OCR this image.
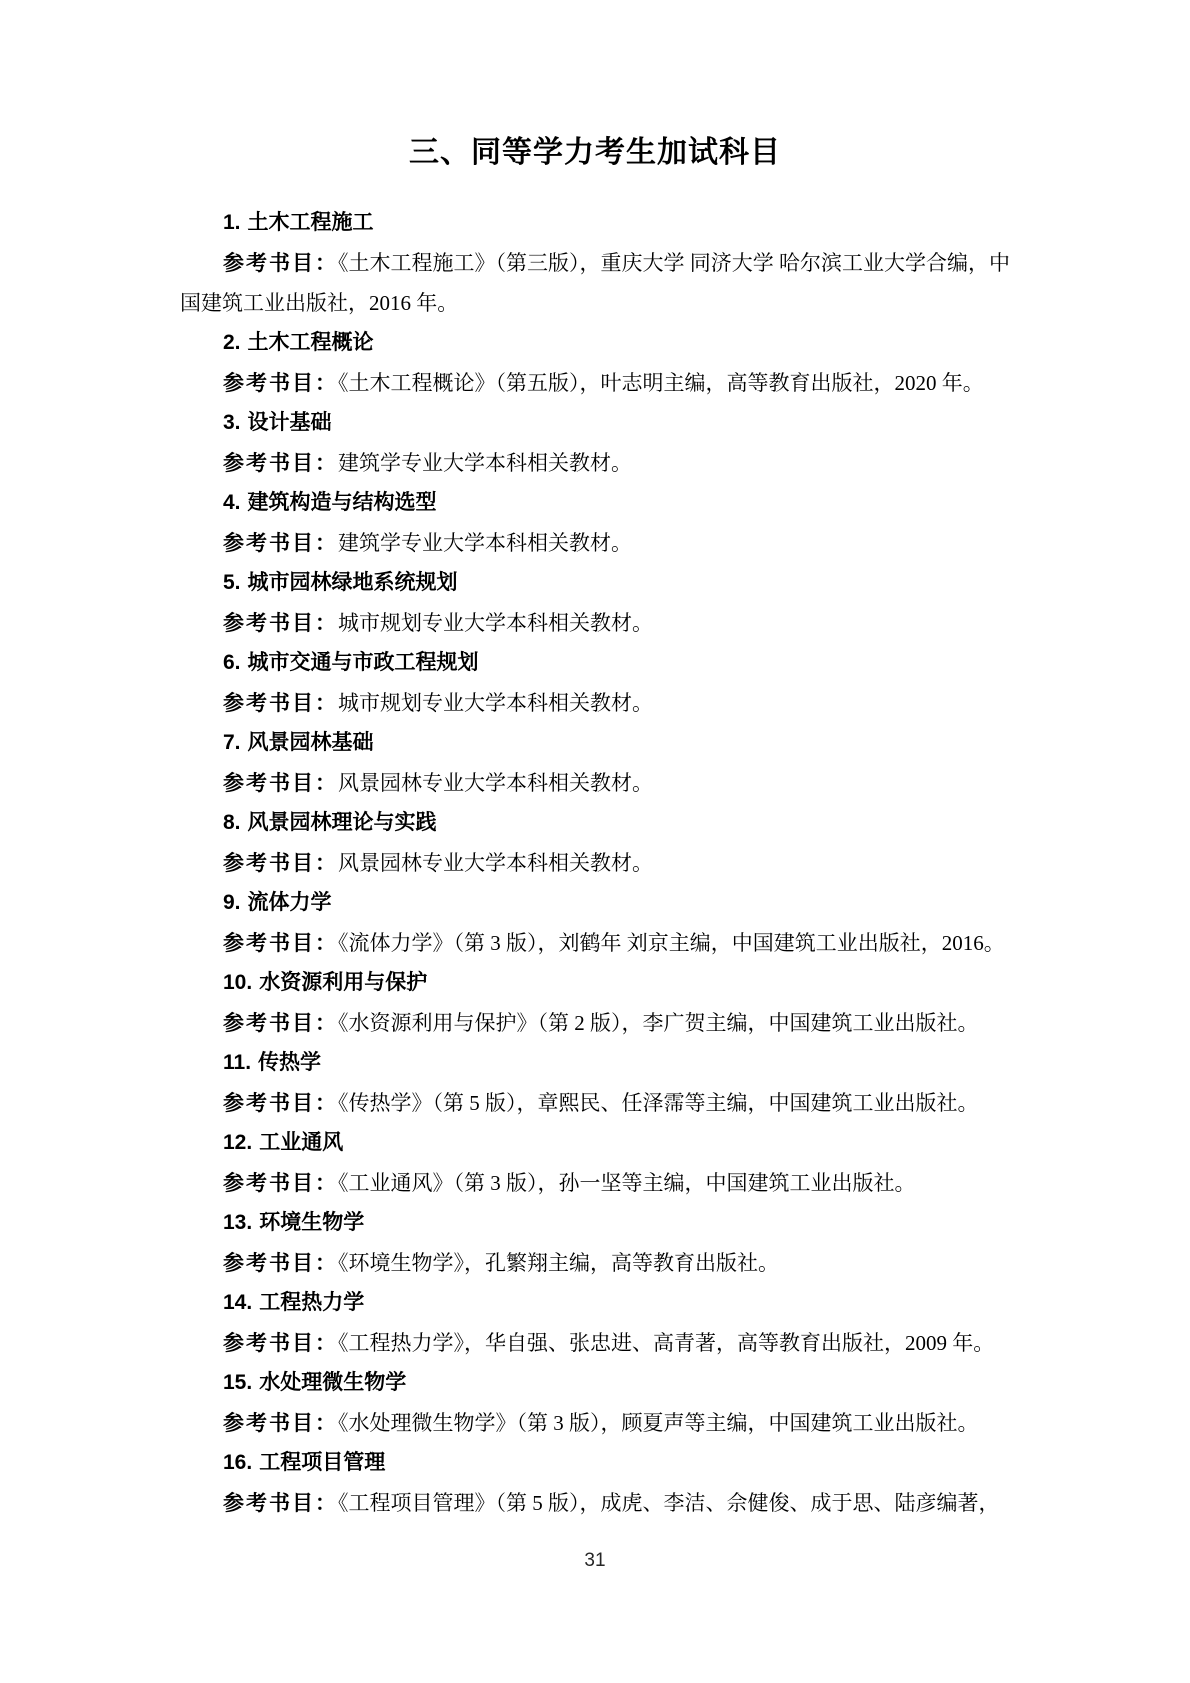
三、同等学力考生加试科目
1. 土木工程施工

参考书目：《土木工程施工》（第三版），重庆大学 同济大学 哈尔滨工业大学合编，中国建筑工业出版社，2016 年。

2. 土木工程概论

参考书目：《土木工程概论》（第五版），叶志明主编，高等教育出版社，2020 年。

3. 设计基础

参考书目：建筑学专业大学本科相关教材。

4. 建筑构造与结构选型

参考书目：建筑学专业大学本科相关教材。

5. 城市园林绿地系统规划

参考书目：城市规划专业大学本科相关教材。

6. 城市交通与市政工程规划

参考书目：城市规划专业大学本科相关教材。

7. 风景园林基础

参考书目：风景园林专业大学本科相关教材。

8. 风景园林理论与实践

参考书目：风景园林专业大学本科相关教材。

9. 流体力学

参考书目：《流体力学》（第 3 版），刘鹤年 刘京主编，中国建筑工业出版社，2016。

10. 水资源利用与保护

参考书目：《水资源利用与保护》（第 2 版），李广贺主编，中国建筑工业出版社。

11. 传热学

参考书目：《传热学》（第 5 版），章熙民、任泽霈等主编，中国建筑工业出版社。

12. 工业通风

参考书目：《工业通风》（第 3 版），孙一坚等主编，中国建筑工业出版社。

13. 环境生物学

参考书目：《环境生物学》，孔繁翔主编，高等教育出版社。

14. 工程热力学

参考书目：《工程热力学》，华自强、张忠进、高青著，高等教育出版社，2009 年。

15. 水处理微生物学

参考书目：《水处理微生物学》（第 3 版），顾夏声等主编，中国建筑工业出版社。

16. 工程项目管理

参考书目：《工程项目管理》（第 5 版），成虎、李洁、佘健俊、成于思、陆彦编著，

31
